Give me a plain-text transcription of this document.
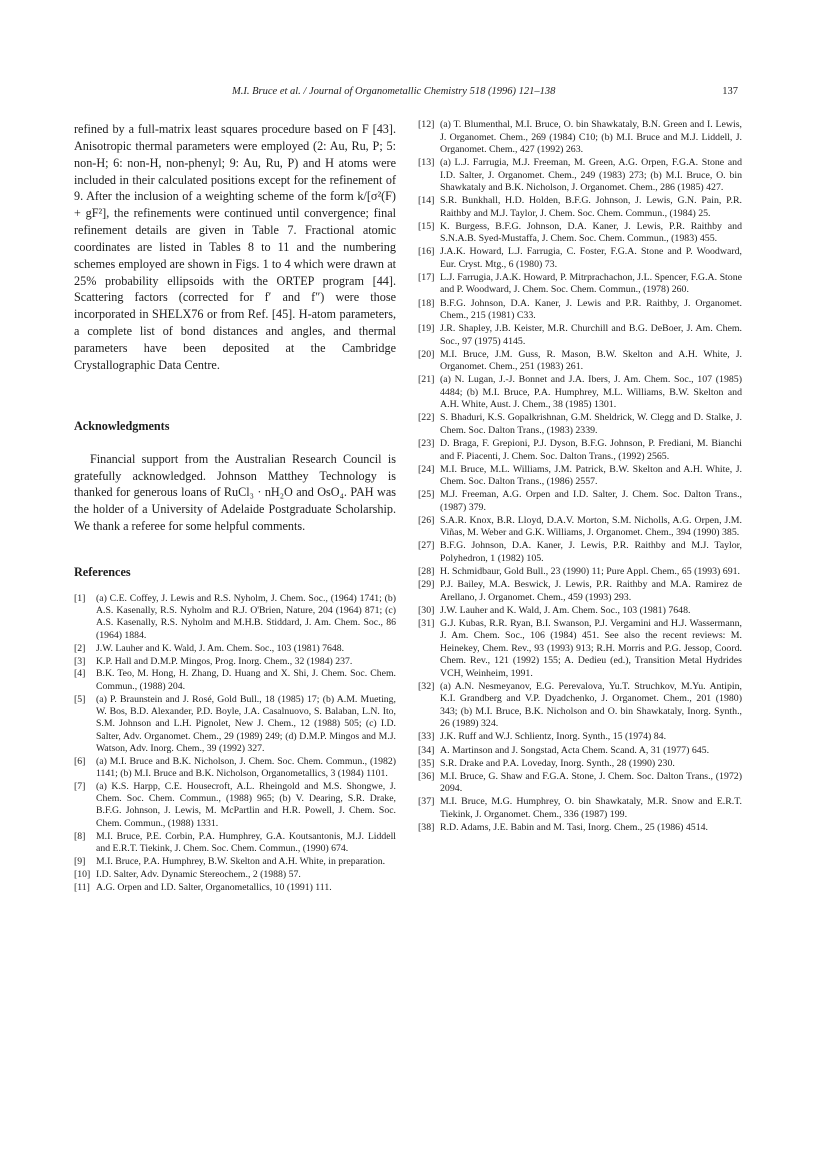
M.I. Bruce et al. / Journal of Organometallic Chemistry 518 (1996) 121–138	137

refined by a full-matrix least squares procedure based on F [43]. Anisotropic thermal parameters were employed (2: Au, Ru, P; 5: non-H; 6: non-H, non-phenyl; 9: Au, Ru, P) and H atoms were included in their calculated positions except for the refinement of 9. After the inclusion of a weighting scheme of the form k/[σ²(F) + gF²], the refinements were continued until convergence; final refinement details are given in Table 7. Fractional atomic coordinates are listed in Tables 8 to 11 and the numbering schemes employed are shown in Figs. 1 to 4 which were drawn at 25% probability ellipsoids with the ORTEP program [44]. Scattering factors (corrected for f′ and f″) were those incorporated in SHELX76 or from Ref. [45]. H-atom parameters, a complete list of bond distances and angles, and thermal parameters have been deposited at the Cambridge Crystallographic Data Centre.

Acknowledgments

Financial support from the Australian Research Council is gratefully acknowledged. Johnson Matthey Technology is thanked for generous loans of RuCl₃ · nH₂O and OsO₄. PAH was the holder of a University of Adelaide Postgraduate Scholarship. We thank a referee for some helpful comments.

References
[1] (a) C.E. Coffey, J. Lewis and R.S. Nyholm, J. Chem. Soc., (1964) 1741; (b) A.S. Kasenally, R.S. Nyholm and R.J. O'Brien, Nature, 204 (1964) 871; (c) A.S. Kasenally, R.S. Nyholm and M.H.B. Stiddard, J. Am. Chem. Soc., 86 (1964) 1884.
[2] J.W. Lauher and K. Wald, J. Am. Chem. Soc., 103 (1981) 7648.
[3] K.P. Hall and D.M.P. Mingos, Prog. Inorg. Chem., 32 (1984) 237.
[4] B.K. Teo, M. Hong, H. Zhang, D. Huang and X. Shi, J. Chem. Soc. Chem. Commun., (1988) 204.
[5] (a) P. Braunstein and J. Rosé, Gold Bull., 18 (1985) 17; (b) A.M. Mueting, W. Bos, B.D. Alexander, P.D. Boyle, J.A. Casalnuovo, S. Balaban, L.N. Ito, S.M. Johnson and L.H. Pignolet, New J. Chem., 12 (1988) 505; (c) I.D. Salter, Adv. Organomet. Chem., 29 (1989) 249; (d) D.M.P. Mingos and M.J. Watson, Adv. Inorg. Chem., 39 (1992) 327.
[6] (a) M.I. Bruce and B.K. Nicholson, J. Chem. Soc. Chem. Commun., (1982) 1141; (b) M.I. Bruce and B.K. Nicholson, Organometallics, 3 (1984) 1101.
[7] (a) K.S. Harpp, C.E. Housecroft, A.L. Rheingold and M.S. Shongwe, J. Chem. Soc. Chem. Commun., (1988) 965; (b) V. Dearing, S.R. Drake, B.F.G. Johnson, J. Lewis, M. McPartlin and H.R. Powell, J. Chem. Soc. Chem. Commun., (1988) 1331.
[8] M.I. Bruce, P.E. Corbin, P.A. Humphrey, G.A. Koutsantonis, M.J. Liddell and E.R.T. Tiekink, J. Chem. Soc. Chem. Commun., (1990) 674.
[9] M.I. Bruce, P.A. Humphrey, B.W. Skelton and A.H. White, in preparation.
[10] I.D. Salter, Adv. Dynamic Stereochem., 2 (1988) 57.
[11] A.G. Orpen and I.D. Salter, Organometallics, 10 (1991) 111.
[12] (a) T. Blumenthal, M.I. Bruce, O. bin Shawkataly, B.N. Green and I. Lewis, J. Organomet. Chem., 269 (1984) C10; (b) M.I. Bruce and M.J. Liddell, J. Organomet. Chem., 427 (1992) 263.
[13] (a) L.J. Farrugia, M.J. Freeman, M. Green, A.G. Orpen, F.G.A. Stone and I.D. Salter, J. Organomet. Chem., 249 (1983) 273; (b) M.I. Bruce, O. bin Shawkataly and B.K. Nicholson, J. Organomet. Chem., 286 (1985) 427.
[14] S.R. Bunkhall, H.D. Holden, B.F.G. Johnson, J. Lewis, G.N. Pain, P.R. Raithby and M.J. Taylor, J. Chem. Soc. Chem. Commun., (1984) 25.
[15] K. Burgess, B.F.G. Johnson, D.A. Kaner, J. Lewis, P.R. Raithby and S.N.A.B. Syed-Mustaffa, J. Chem. Soc. Chem. Commun., (1983) 455.
[16] J.A.K. Howard, L.J. Farrugia, C. Foster, F.G.A. Stone and P. Woodward, Eur. Cryst. Mtg., 6 (1980) 73.
[17] L.J. Farrugia, J.A.K. Howard, P. Mitrprachachon, J.L. Spencer, F.G.A. Stone and P. Woodward, J. Chem. Soc. Chem. Commun., (1978) 260.
[18] B.F.G. Johnson, D.A. Kaner, J. Lewis and P.R. Raithby, J. Organomet. Chem., 215 (1981) C33.
[19] J.R. Shapley, J.B. Keister, M.R. Churchill and B.G. DeBoer, J. Am. Chem. Soc., 97 (1975) 4145.
[20] M.I. Bruce, J.M. Guss, R. Mason, B.W. Skelton and A.H. White, J. Organomet. Chem., 251 (1983) 261.
[21] (a) N. Lugan, J.-J. Bonnet and J.A. Ibers, J. Am. Chem. Soc., 107 (1985) 4484; (b) M.I. Bruce, P.A. Humphrey, M.L. Williams, B.W. Skelton and A.H. White, Aust. J. Chem., 38 (1985) 1301.
[22] S. Bhaduri, K.S. Gopalkrishnan, G.M. Sheldrick, W. Clegg and D. Stalke, J. Chem. Soc. Dalton Trans., (1983) 2339.
[23] D. Braga, F. Grepioni, P.J. Dyson, B.F.G. Johnson, P. Frediani, M. Bianchi and F. Piacenti, J. Chem. Soc. Dalton Trans., (1992) 2565.
[24] M.I. Bruce, M.L. Williams, J.M. Patrick, B.W. Skelton and A.H. White, J. Chem. Soc. Dalton Trans., (1986) 2557.
[25] M.J. Freeman, A.G. Orpen and I.D. Salter, J. Chem. Soc. Dalton Trans., (1987) 379.
[26] S.A.R. Knox, B.R. Lloyd, D.A.V. Morton, S.M. Nicholls, A.G. Orpen, J.M. Viñas, M. Weber and G.K. Williams, J. Organomet. Chem., 394 (1990) 385.
[27] B.F.G. Johnson, D.A. Kaner, J. Lewis, P.R. Raithby and M.J. Taylor, Polyhedron, 1 (1982) 105.
[28] H. Schmidbaur, Gold Bull., 23 (1990) 11; Pure Appl. Chem., 65 (1993) 691.
[29] P.J. Bailey, M.A. Beswick, J. Lewis, P.R. Raithby and M.A. Ramirez de Arellano, J. Organomet. Chem., 459 (1993) 293.
[30] J.W. Lauher and K. Wald, J. Am. Chem. Soc., 103 (1981) 7648.
[31] G.J. Kubas, R.R. Ryan, B.I. Swanson, P.J. Vergamini and H.J. Wassermann, J. Am. Chem. Soc., 106 (1984) 451. See also the recent reviews: M. Heinekey, Chem. Rev., 93 (1993) 913; R.H. Morris and P.G. Jessop, Coord. Chem. Rev., 121 (1992) 155; A. Dedieu (ed.), Transition Metal Hydrides VCH, Weinheim, 1991.
[32] (a) A.N. Nesmeyanov, E.G. Perevalova, Yu.T. Struchkov, M.Yu. Antipin, K.I. Grandberg and V.P. Dyadchenko, J. Organomet. Chem., 201 (1980) 343; (b) M.I. Bruce, B.K. Nicholson and O. bin Shawkataly, Inorg. Synth., 26 (1989) 324.
[33] J.K. Ruff and W.J. Schlientz, Inorg. Synth., 15 (1974) 84.
[34] A. Martinson and J. Songstad, Acta Chem. Scand. A, 31 (1977) 645.
[35] S.R. Drake and P.A. Loveday, Inorg. Synth., 28 (1990) 230.
[36] M.I. Bruce, G. Shaw and F.G.A. Stone, J. Chem. Soc. Dalton Trans., (1972) 2094.
[37] M.I. Bruce, M.G. Humphrey, O. bin Shawkataly, M.R. Snow and E.R.T. Tiekink, J. Organomet. Chem., 336 (1987) 199.
[38] R.D. Adams, J.E. Babin and M. Tasi, Inorg. Chem., 25 (1986) 4514.
